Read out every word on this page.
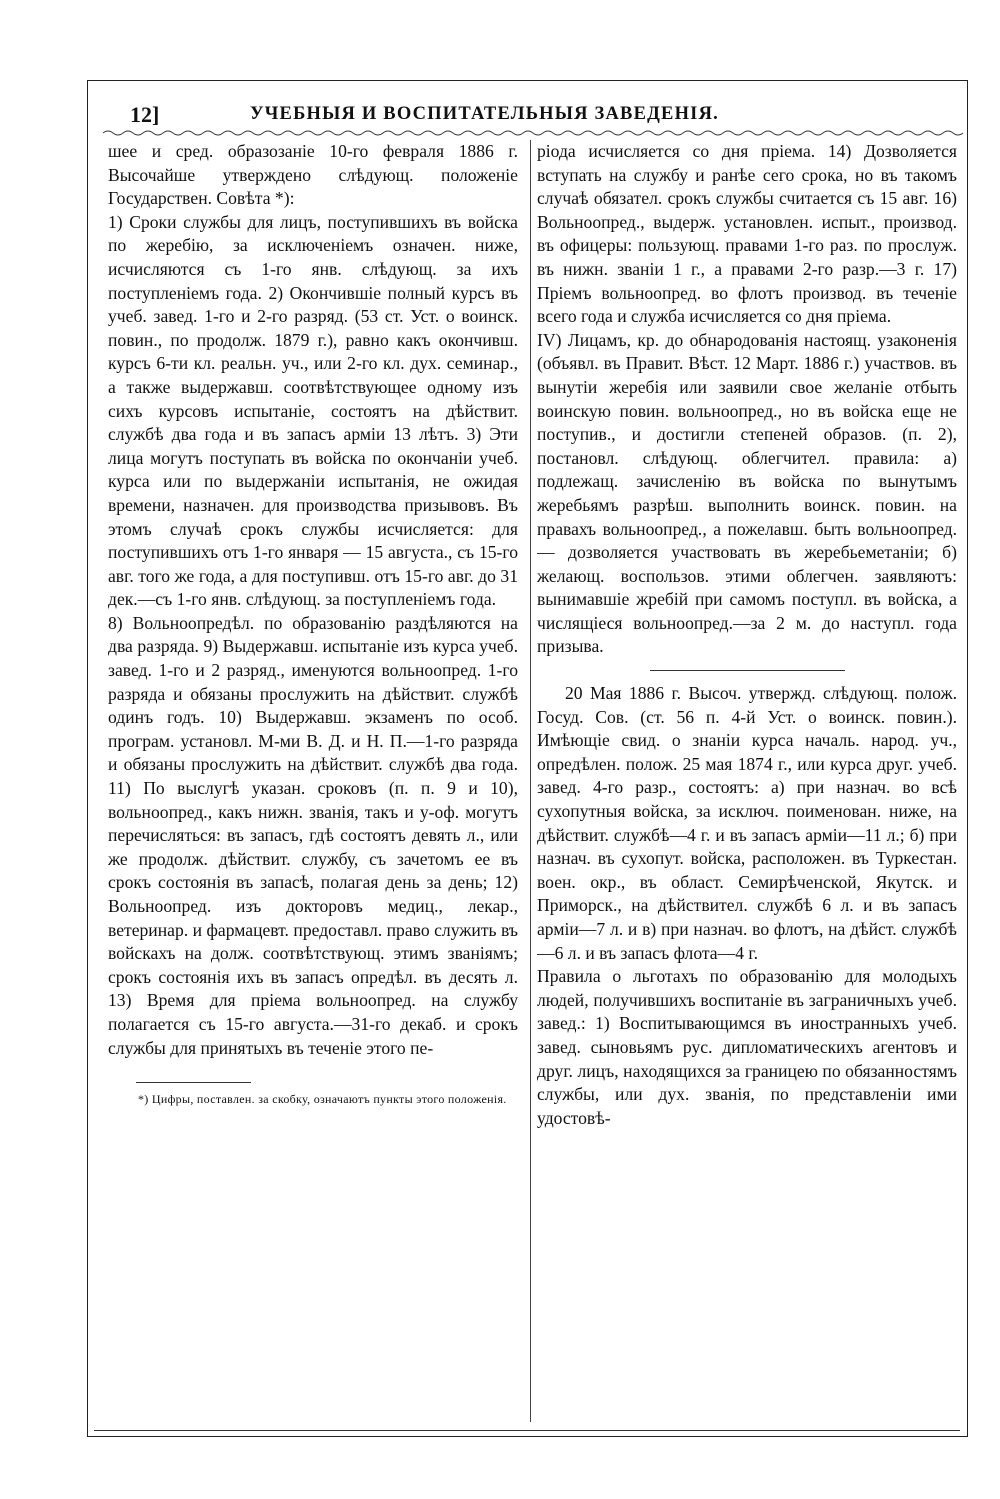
12]	УЧЕБНЫЯ И ВОСПИТАТЕЛЬНЫЯ ЗАВЕДЕНІЯ.

шее и сред. образозаніе 10-го февраля 1886 г. Высочайше утверждено слѣдующ. положеніе Государствен. Совѣта *):

1) Сроки службы для лицъ, поступившихъ въ войска по жеребію, за исключеніемъ означен. ниже, исчисляются съ 1-го янв. слѣдующ. за ихъ поступленіемъ года. 2) Окончившіе полный курсъ въ учеб. завед. 1-го и 2-го разряд. (53 ст. Уст. о воинск. повин., по продолж. 1879 г.), равно какъ окончивш. курсъ 6-ти кл. реальн. уч., или 2-го кл. дух. семинар., а также выдержавш. соотвѣтствующее одному изъ сихъ курсовъ испытаніе, состоятъ на дѣйствит. службѣ два года и въ запасъ арміи 13 лѣтъ. 3) Эти лица могутъ поступать въ войска по окончаніи учеб. курса или по выдержаніи испытанія, не ожидая времени, назначен. для производства призывовъ. Въ этомъ случаѣ срокъ службы исчисляется: для поступившихъ отъ 1-го января — 15 августа., съ 15-го авг. того же года, а для поступивш. отъ 15-го авг. до 31 дек.—съ 1-го янв. слѣдующ. за поступленіемъ года.

8) Вольноопредѣл. по образованію раздѣляются на два разряда. 9) Выдержавш. испытаніе изъ курса учеб. завед. 1-го и 2 разряд., именуются вольноопред. 1-го разряда и обязаны прослужить на дѣйствит. службѣ одинъ годъ. 10) Выдержавш. экзаменъ по особ. програм. установл. М-ми В. Д. и Н. П.—1-го разряда и обязаны прослужить на дѣйствит. службѣ два года. 11) По выслугѣ указан. сроковъ (п. п. 9 и 10), вольноопред., какъ нижн. званія, такъ и у-оф. могутъ перечисляться: въ запасъ, гдѣ состоятъ девять л., или же продолж. дѣйствит. службу, съ зачетомъ ее въ срокъ состоянія въ запасѣ, полагая день за день; 12) Вольноопред. изъ докторовъ медиц., лекар., ветеринар. и фармацевт. предоставл. право служить въ войскахъ на долж. соотвѣтствующ. этимъ званіямъ; срокъ состоянія ихъ въ запасъ опредѣл. въ десять л. 13) Время для пріема вольноопред. на службу полагается съ 15-го августа.—31-го декаб. и срокъ службы для принятыхъ въ теченіе этого пе-

*) Цифры, поставлен. за скобку, означаютъ пункты этого положенія.

ріода исчисляется со дня пріема. 14) Дозволяется вступать на службу и ранѣе сего срока, но въ такомъ случаѣ обязател. срокъ службы считается съ 15 авг. 16) Вольноопред., выдерж. установлен. испыт., производ. въ офицеры: пользующ. правами 1-го раз. по прослуж. въ нижн. званіи 1 г., а правами 2-го разр.—3 г. 17) Пріемъ вольноопред. во флотъ производ. въ теченіе всего года и служба исчисляется со дня пріема.

IV) Лицамъ, кр. до обнародованія настоящ. узаконенія (объявл. въ Правит. Вѣст. 12 Март. 1886 г.) участвов. въ вынутіи жеребія или заявили свое желаніе отбыть воинскую повин. вольноопред., но въ войска еще не поступив., и достигли степеней образов. (п. 2), постановл. слѣдующ. облегчител. правила: а) подлежащ. зачисленію въ войска по вынутымъ жеребьямъ разрѣш. выполнить воинск. повин. на правахъ вольноопред., а пожелавш. быть вольноопред.— дозволяется участвовать въ жеребьеметаніи; б) желающ. воспользов. этими облегчен. заявляютъ: вынимавшіе жребій при самомъ поступл. въ войска, а числящіеся вольноопред.—за 2 м. до наступл. года призыва.

20 Мая 1886 г. Высоч. утвержд. слѣдующ. полож. Госуд. Сов. (ст. 56 п. 4-й Уст. о воинск. повин.). Имѣющіе свид. о знаніи курса началь. народ. уч., опредѣлен. полож. 25 мая 1874 г., или курса друг. учеб. завед. 4-го разр., состоятъ: а) при назнач. во всѣ сухопутныя войска, за исключ. поименован. ниже, на дѣйствит. службѣ—4 г. и въ запасъ арміи—11 л.; б) при назнач. въ сухопут. войска, расположен. въ Туркестан. воен. окр., въ област. Семирѣченской, Якутск. и Приморск., на дѣйствител. службѣ 6 л. и въ запасъ арміи—7 л. и в) при назнач. во флотъ, на дѣйст. службѣ—6 л. и въ запасъ флота—4 г.

Правила о льготахъ по образованію для молодыхъ людей, получившихъ воспитаніе въ заграничныхъ учеб. завед.: 1) Воспитывающимся въ иностранныхъ учеб. завед. сыновьямъ рус. дипломатическихъ агентовъ и друг. лицъ, находящихся за границею по обязанностямъ службы, или дух. званія, по представленіи ими удостовѣ-
